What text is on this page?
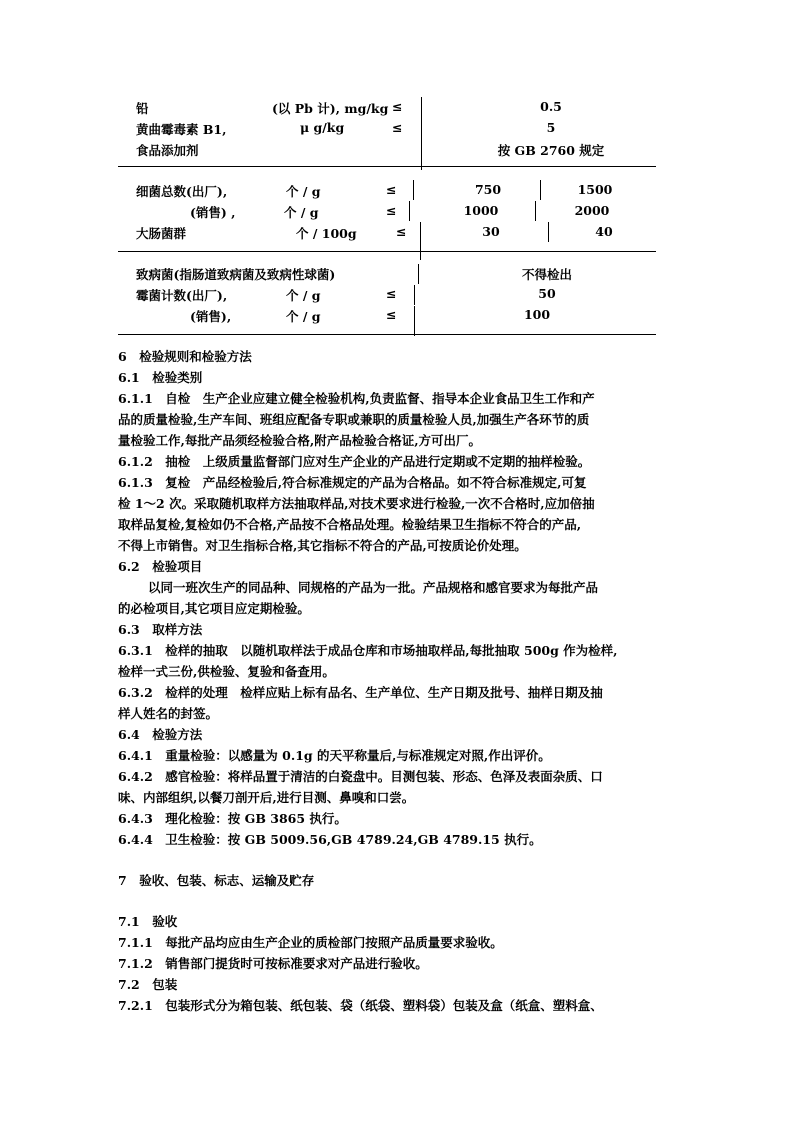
铅	(以 Pb 计), mg/kg ≤	0.5
黄曲霉毒素 B1,	μ g/kg	≤	5
食品添加剂	按 GB 2760 规定
细菌总数(出厂),	个 / g	≤	750	1500
(销售) ,	个 / g	≤	1000	2000
大肠菌群	个 / 100g	≤	30	40
致病菌(指肠道致病菌及致病性球菌)	不得检出
霉菌计数(出厂),	个 / g	≤	50
(销售),	个 / g	≤	100
6　检验规则和检验方法
6.1　检验类别
6.1.1　自检　生产企业应建立健全检验机构,负责监督、指导本企业食品卫生工作和产
品的质量检验,生产车间、班组应配备专职或兼职的质量检验人员,加强生产各环节的质
量检验工作,每批产品须经检验合格,附产品检验合格证,方可出厂。
6.1.2　抽检　上级质量监督部门应对生产企业的产品进行定期或不定期的抽样检验。
6.1.3　复检　产品经检验后,符合标准规定的产品为合格品。如不符合标准规定,可复
检 1～2 次。采取随机取样方法抽取样品,对技术要求进行检验,一次不合格时,应加倍抽
取样品复检,复检如仍不合格,产品按不合格品处理。检验结果卫生指标不符合的产品,
不得上市销售。对卫生指标合格,其它指标不符合的产品,可按质论价处理。
6.2　检验项目
以同一班次生产的同品种、同规格的产品为一批。产品规格和感官要求为每批产品
的必检项目,其它项目应定期检验。
6.3　取样方法
6.3.1　检样的抽取　以随机取样法于成品仓库和市场抽取样品,每批抽取 500g 作为检样,
检样一式三份,供检验、复验和备查用。
6.3.2　检样的处理　检样应贴上标有品名、生产单位、生产日期及批号、抽样日期及抽
样人姓名的封签。
6.4　检验方法
6.4.1　重量检验：以感量为 0.1g 的天平称量后,与标准规定对照,作出评价。
6.4.2　感官检验：将样品置于清洁的白瓷盘中。目测包装、形态、色泽及表面杂质、口
味、内部组织,以餐刀剖开后,进行目测、鼻嗅和口尝。
6.4.3　理化检验：按 GB 3865 执行。
6.4.4　卫生检验：按 GB 5009.56,GB 4789.24,GB 4789.15 执行。
7　验收、包装、标志、运输及贮存
7.1　验收
7.1.1　每批产品均应由生产企业的质检部门按照产品质量要求验收。
7.1.2　销售部门提货时可按标准要求对产品进行验收。
7.2　包装
7.2.1　包装形式分为箱包装、纸包装、袋（纸袋、塑料袋）包装及盒（纸盒、塑料盒、
